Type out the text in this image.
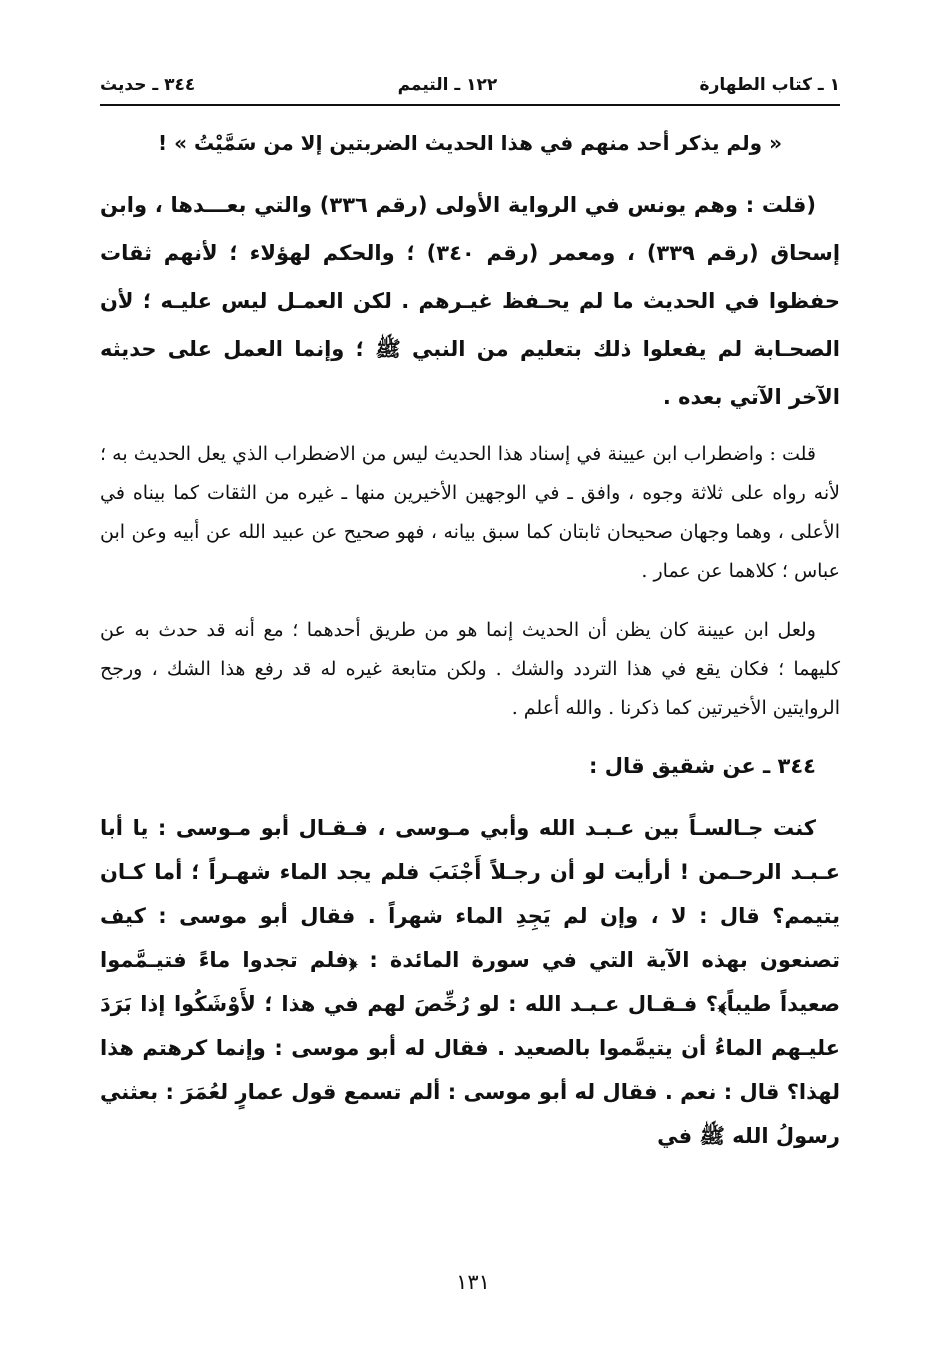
١ ـ كتاب الطهارة
١٢٢ ـ التيمم
٣٤٤ ـ حديث

« ولم يذكر أحد منهم في هذا الحديث الضربتين إلا من سَمَّيْتُ » !

(قلت : وهم يونس في الرواية الأولى (رقم ٣٣٦) والتي بعـــدها ، وابن إسحاق (رقم ٣٣٩) ، ومعمر (رقم ٣٤٠) ؛ والحكم لهؤلاء ؛ لأنهم ثقات حفظوا في الحديث ما لم يحـفظ غيـرهم . لكن العمـل ليس عليـه ؛ لأن الصحـابة لم يفعلوا ذلك بتعليم من النبي ﷺ ؛ وإنما العمل على حديثه الآخر الآتي بعده .

قلت : واضطراب ابن عيينة في إسناد هذا الحديث ليس من الاضطراب الذي يعل الحديث به ؛ لأنه رواه على ثلاثة وجوه ، وافق ـ في الوجهين الأخيرين منها ـ غيره من الثقات كما بيناه في الأعلى ، وهما وجهان صحيحان ثابتان كما سبق بيانه ، فهو صحيح عن عبيد الله عن أبيه وعن ابن عباس ؛ كلاهما عن عمار .

ولعل ابن عيينة كان يظن أن الحديث إنما هو من طريق أحدهما ؛ مع أنه قد حدث به عن كليهما ؛ فكان يقع في هذا التردد والشك . ولكن متابعة غيره له قد رفع هذا الشك ، ورجح الروايتين الأخيرتين كما ذكرنا . والله أعلم .

٣٤٤ ـ عن شقيق قال :

كنت جـالسـاً بين عـبـد الله وأبي مـوسى ، فـقـال أبو مـوسى : يا أبا عـبـد الرحـمن ! أرأيت لو أن رجـلاً أَجْنَبَ فلم يجد الماء شهـراً ؛ أما كـان يتيمم؟ قال : لا ، وإن لم يَجِدِ الماء شهراً . فقال أبو موسى : كيف تصنعون بهذه الآية التي في سورة المائدة : ﴿فلم تجدوا ماءً فتيـمَّموا صعيداً طيباً﴾؟ فـقـال عـبـد الله : لو رُخِّصَ لهم في هذا ؛ لأَوْشَكُوا إذا بَرَدَ عليـهم الماءُ أن يتيمَّموا بالصعيد . فقال له أبو موسى : وإنما كرهتم هذا لهذا؟ قال : نعم . فقال له أبو موسى : ألم تسمع قول عمارٍ لعُمَرَ : بعثني رسولُ الله ﷺ في

١٣١
